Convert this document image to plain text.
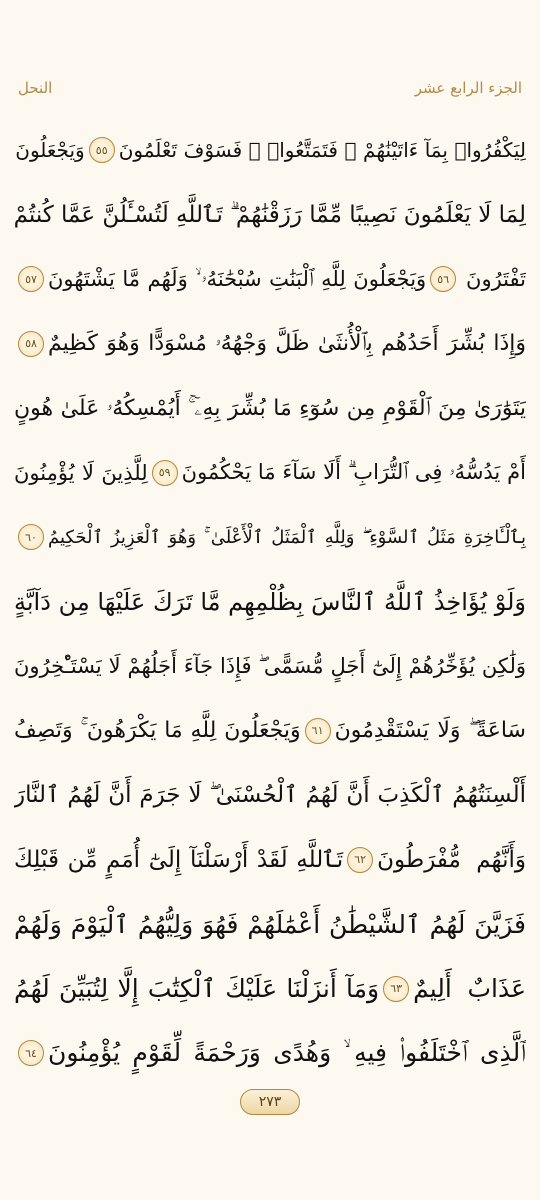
النحل	الجزء الرابع عشر
لِيَكْفُرُوا۟ بِمَآ ءَاتَيْنَٰهُمْ ۚ فَتَمَتَّعُوا۟ ۖ فَسَوْفَ تَعْلَمُونَ
٥٥
وَيَجْعَلُونَ
لِمَا لَا يَعْلَمُونَ نَصِيبًا مِّمَّا رَزَقْنَٰهُمْ ۗ تَٱللَّهِ لَتُسْـَٔلُنَّ عَمَّا كُنتُمْ
تَفْتَرُونَ
٥٦
وَيَجْعَلُونَ لِلَّهِ ٱلْبَنَٰتِ سُبْحَٰنَهُۥ ۙ وَلَهُم مَّا يَشْتَهُونَ
٥٧
وَإِذَا بُشِّرَ أَحَدُهُم بِٱلْأُنثَىٰ ظَلَّ وَجْهُهُۥ مُسْوَدًّا وَهُوَ كَظِيمٌ
٥٨
يَتَوَٰرَىٰ مِنَ ٱلْقَوْمِ مِن سُوٓءِ مَا بُشِّرَ بِهِۦٓ ۚ أَيُمْسِكُهُۥ عَلَىٰ هُونٍ
أَمْ يَدُسُّهُۥ فِى ٱلتُّرَابِ ۗ أَلَا سَآءَ مَا يَحْكُمُونَ
٥٩
لِلَّذِينَ لَا يُؤْمِنُونَ
بِٱلْـَٔاخِرَةِ مَثَلُ ٱلسَّوْءِ ۖ وَلِلَّهِ ٱلْمَثَلُ ٱلْأَعْلَىٰ ۚ وَهُوَ ٱلْعَزِيزُ ٱلْحَكِيمُ
٦٠
وَلَوْ يُؤَاخِذُ ٱللَّهُ ٱلنَّاسَ بِظُلْمِهِم مَّا تَرَكَ عَلَيْهَا مِن دَآبَّةٍ
وَلَٰكِن يُؤَخِّرُهُمْ إِلَىٰٓ أَجَلٍ مُّسَمًّى ۖ فَإِذَا جَآءَ أَجَلُهُمْ لَا يَسْتَـْٔخِرُونَ
سَاعَةً ۖ وَلَا يَسْتَقْدِمُونَ
٦١
وَيَجْعَلُونَ لِلَّهِ مَا يَكْرَهُونَ ۚ وَتَصِفُ
أَلْسِنَتُهُمُ ٱلْكَذِبَ أَنَّ لَهُمُ ٱلْحُسْنَىٰ ۖ لَا جَرَمَ أَنَّ لَهُمُ ٱلنَّارَ
وَأَنَّهُم مُّفْرَطُونَ
٦٢
تَٱللَّهِ لَقَدْ أَرْسَلْنَآ إِلَىٰٓ أُمَمٍ مِّن قَبْلِكَ
فَزَيَّنَ لَهُمُ ٱلشَّيْطَٰنُ أَعْمَٰلَهُمْ فَهُوَ وَلِيُّهُمُ ٱلْيَوْمَ وَلَهُمْ
عَذَابٌ أَلِيمٌ
٦٣
وَمَآ أَنزَلْنَا عَلَيْكَ ٱلْكِتَٰبَ إِلَّا لِتُبَيِّنَ لَهُمُ
ٱلَّذِى ٱخْتَلَفُوا۟ فِيهِ ۙ وَهُدًى وَرَحْمَةً لِّقَوْمٍ يُؤْمِنُونَ
٦٤
٢٧٣
